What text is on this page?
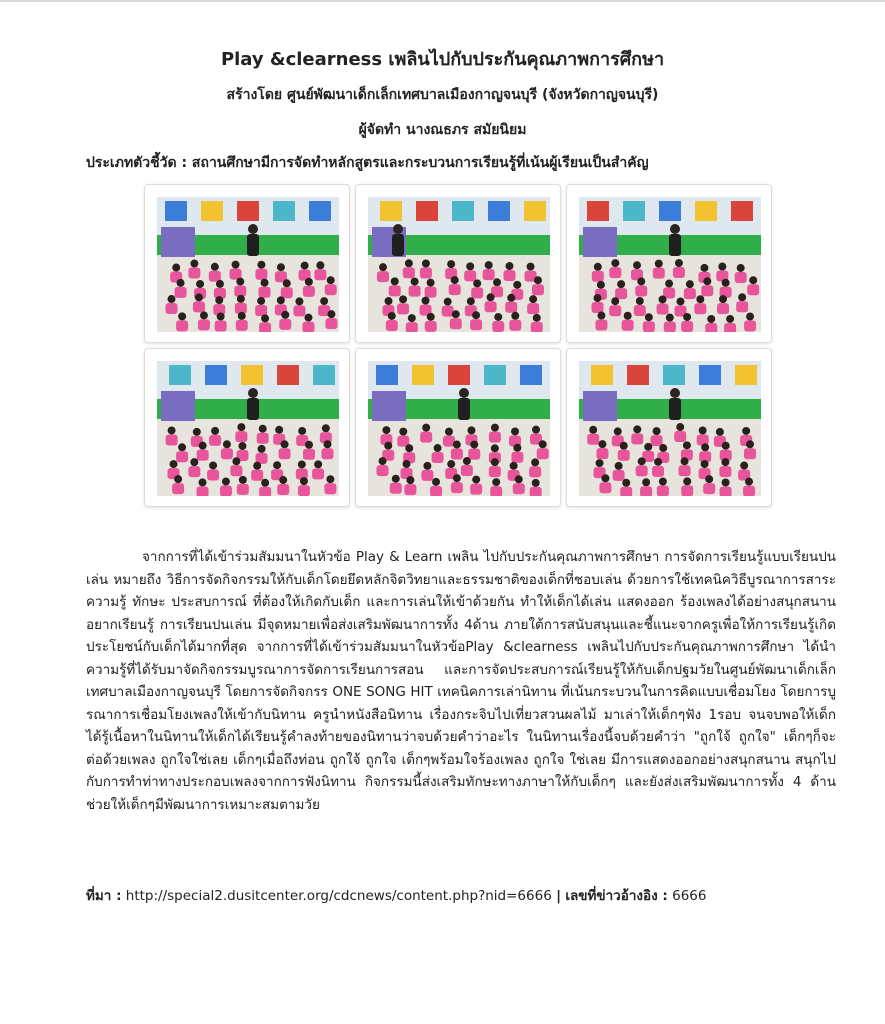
Play &clearness เพลินไปกับประกันคุณภาพการศึกษา

สร้างโดย ศูนย์พัฒนาเด็กเล็กเทศบาลเมืองกาญจนบุรี (จังหวัดกาญจนบุรี)

ผู้จัดทำ นางณธภร สมัยนิยม

ประเภทตัวชี้วัด : สถานศึกษามีการจัดทำหลักสูตรและกระบวนการเรียนรู้ที่เน้นผู้เรียนเป็นสำคัญ

จากการที่ได้เข้าร่วมสัมมนาในหัวข้อ Play & Learn เพลิน ไปกับประกันคุณภาพการศึกษา การจัดการเรียนรู้แบบเรียนปนเล่น หมายถึง วิธีการจัดกิจกรรมให้กับเด็กโดยยึดหลักจิตวิทยาและธรรมชาติของเด็กที่ชอบเล่น ด้วยการใช้เทคนิควิธีบูรณาการสาระความรู้ ทักษะ ประสบการณ์ ที่ต้องให้เกิดกับเด็ก และการเล่นให้เข้าด้วยกัน ทำให้เด็กได้เล่น แสดงออก ร้องเพลงได้อย่างสนุกสนาน อยากเรียนรู้ การเรียนปนเล่น มีจุดหมายเพื่อส่งเสริมพัฒนาการทั้ง 4ด้าน ภายใต้การสนับสนุนและชี้แนะจากครูเพื่อให้การเรียนรู้เกิดประโยชน์กับเด็กได้มากที่สุด จากการที่ได้เข้าร่วมสัมมนาในหัวข้อPlay &clearness เพลินไปกับประกันคุณภาพการศึกษา ได้นำความรู้ที่ได้รับมาจัดกิจกรรมบูรณาการจัดการเรียนการสอน และการจัดประสบการณ์เรียนรู้ให้กับเด็กปฐมวัยในศูนย์พัฒนาเด็กเล็กเทศบาลเมืองกาญจนบุรี โดยการจัดกิจกรร ONE SONG HIT เทคนิคการเล่านิทาน ที่เน้นกระบวนในการคิดแบบเชื่อมโยง โดยการบูรณาการเชื่อมโยงเพลงให้เข้ากับนิทาน ครูนำหนังสือนิทาน เรื่องกระจิบไปเที่ยวสวนผลไม้ มาเล่าให้เด็กๆฟัง 1รอบ จนจบพอให้เด็กได้รู้เนื้อหาในนิทานให้เด็กได้เรียนรู้คำลงท้ายของนิทานว่าจบด้วยคำว่าอะไร ในนิทานเรื่องนี้จบด้วยคำว่า "ถูกใจ้ ถูกใจ" เด็กๆก็จะต่อด้วยเพลง ถูกใจใช่เลย เด็กๆเมื่อถึงท่อน ถูกใจ้ ถูกใจ เด็กๆพร้อมใจร้องเพลง ถูกใจ ใช่เลย มีการแสดงออกอย่างสนุกสนาน สนุกไปกับการทำท่าทางประกอบเพลงจากการฟังนิทาน กิจกรรมนี้ส่งเสริมทักษะทางภาษาให้กับเด็กๆ และยังส่งเสริมพัฒนาการทั้ง 4 ด้าน ช่วยให้เด็กๆมีพัฒนาการเหมาะสมตามวัย

ที่มา : http://special2.dusitcenter.org/cdcnews/content.php?nid=6666 | เลขที่ข่าวอ้างอิง : 6666
